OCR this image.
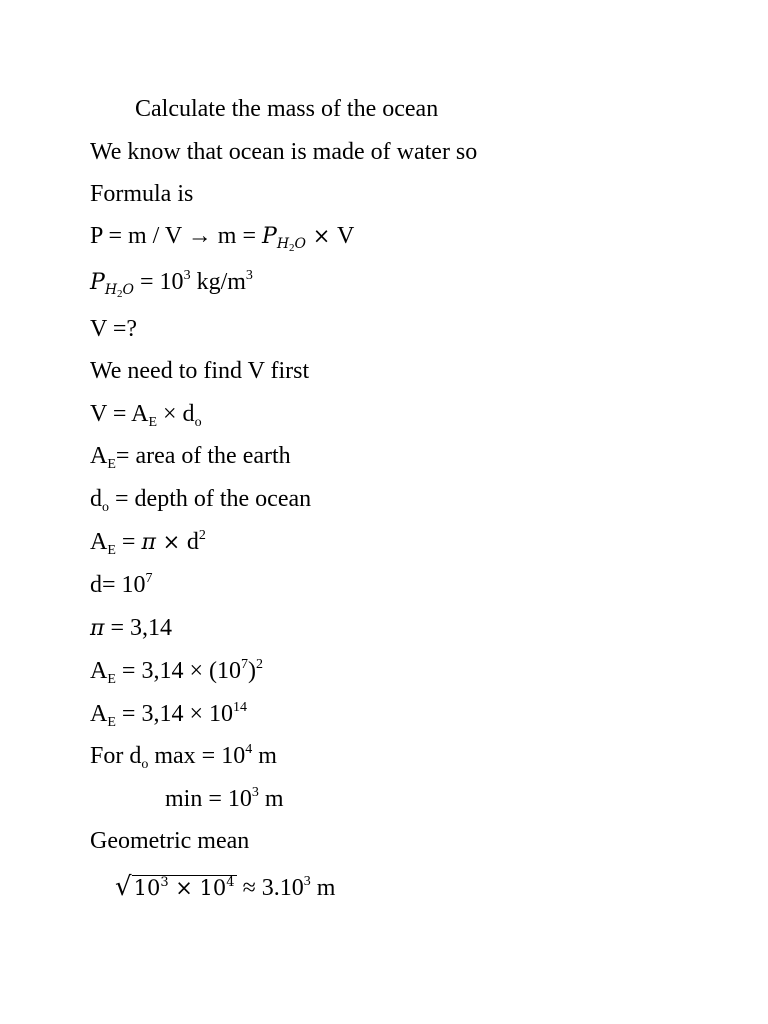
Calculate the mass of the ocean
We know that ocean is made of water so
Formula is
$P = m / V \to m = P_{H_2O} \times V$
$P_{H_2O} = 10^3$ $kg/m^3$
V =?
We need to find V first
$V = A_E \times d_o$
$A_E=$ area of the earth
$d_o$ = depth of the ocean
$A_E = \pi \times d^2$
$d= 10^7$
π = 3,14
$A_E = 3,14 \times (10^7)^2$
$A_E = 3,14 \times 10^{14}$
For $d_o$ $\max = 10^4$ m
$\min = 10^3$ m
Geometric mean
$√10^3 \times 10^4 \approx 3.10^3$ m
